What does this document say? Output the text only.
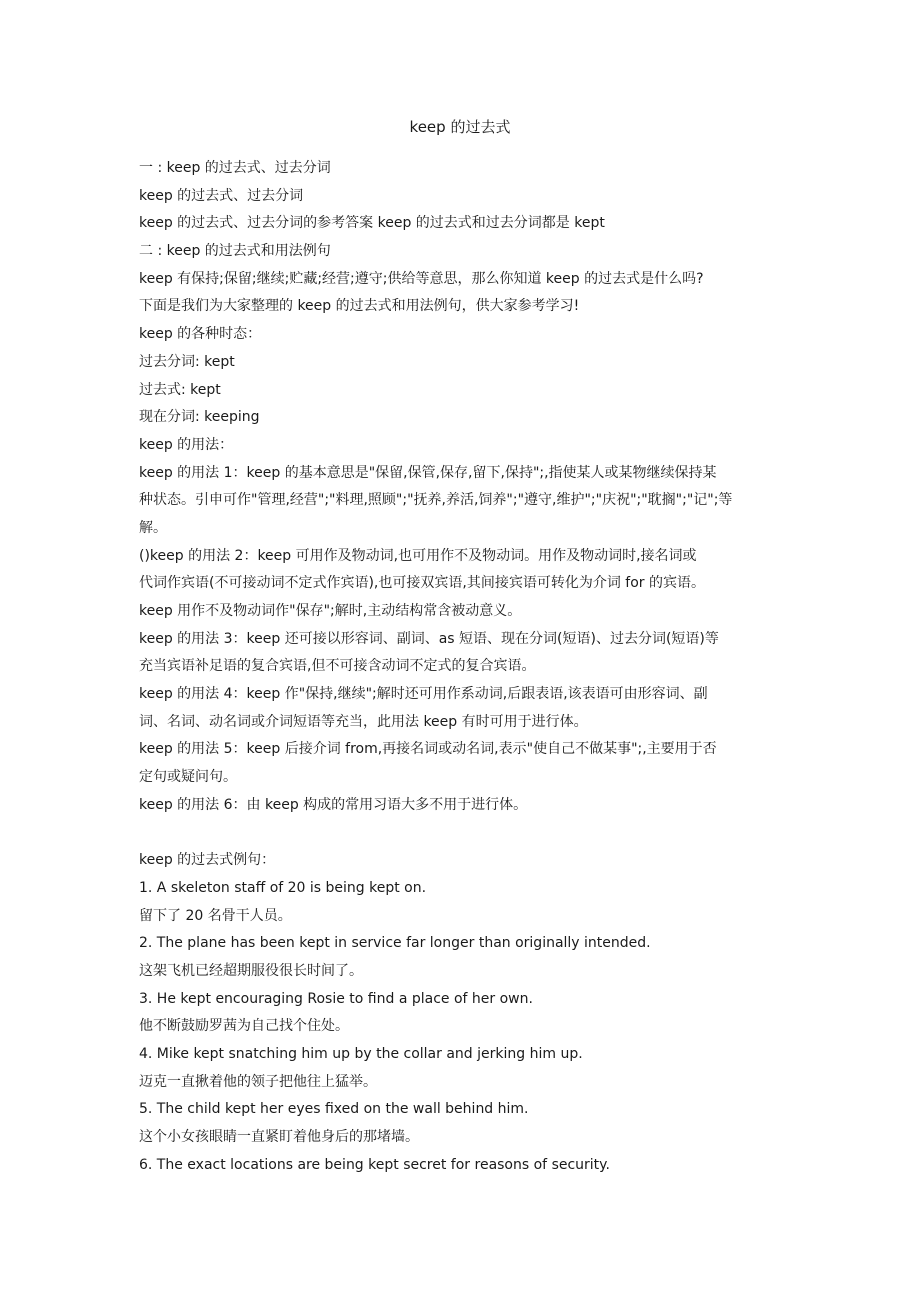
keep 的过去式
一 : keep 的过去式、过去分词
keep 的过去式、过去分词
keep 的过去式、过去分词的参考答案 keep 的过去式和过去分词都是 kept
二 : keep 的过去式和用法例句
keep 有保持;保留;继续;贮藏;经营;遵守;供给等意思，那么你知道 keep 的过去式是什么吗?
下面是我们为大家整理的 keep 的过去式和用法例句，供大家参考学习!
keep 的各种时态：
过去分词: kept
过去式: kept
现在分词: keeping
keep 的用法：
keep 的用法 1：keep 的基本意思是"保留,保管,保存,留下,保持";,指使某人或某物继续保持某
种状态。引申可作"管理,经营";"料理,照顾";"抚养,养活,饲养";"遵守,维护";"庆祝";"耽搁";"记";等
解。
()keep 的用法 2：keep 可用作及物动词,也可用作不及物动词。用作及物动词时,接名词或
代词作宾语(不可接动词不定式作宾语),也可接双宾语,其间接宾语可转化为介词 for 的宾语。
keep 用作不及物动词作"保存";解时,主动结构常含被动意义。
keep 的用法 3：keep 还可接以形容词、副词、as 短语、现在分词(短语)、过去分词(短语)等
充当宾语补足语的复合宾语,但不可接含动词不定式的复合宾语。
keep 的用法 4：keep 作"保持,继续";解时还可用作系动词,后跟表语,该表语可由形容词、副
词、名词、动名词或介词短语等充当，此用法 keep 有时可用于进行体。
keep 的用法 5：keep 后接介词 from,再接名词或动名词,表示"使自己不做某事";,主要用于否
定句或疑问句。
keep 的用法 6：由 keep 构成的常用习语大多不用于进行体。
keep 的过去式例句：
1. A skeleton staff of 20 is being kept on.
留下了 20 名骨干人员。
2. The plane has been kept in service far longer than originally intended.
这架飞机已经超期服役很长时间了。
3. He kept encouraging Rosie to find a place of her own.
他不断鼓励罗茜为自己找个住处。
4. Mike kept snatching him up by the collar and jerking him up.
迈克一直揪着他的领子把他往上猛举。
5. The child kept her eyes fixed on the wall behind him.
这个小女孩眼睛一直紧盯着他身后的那堵墙。
6. The exact locations are being kept secret for reasons of security.
